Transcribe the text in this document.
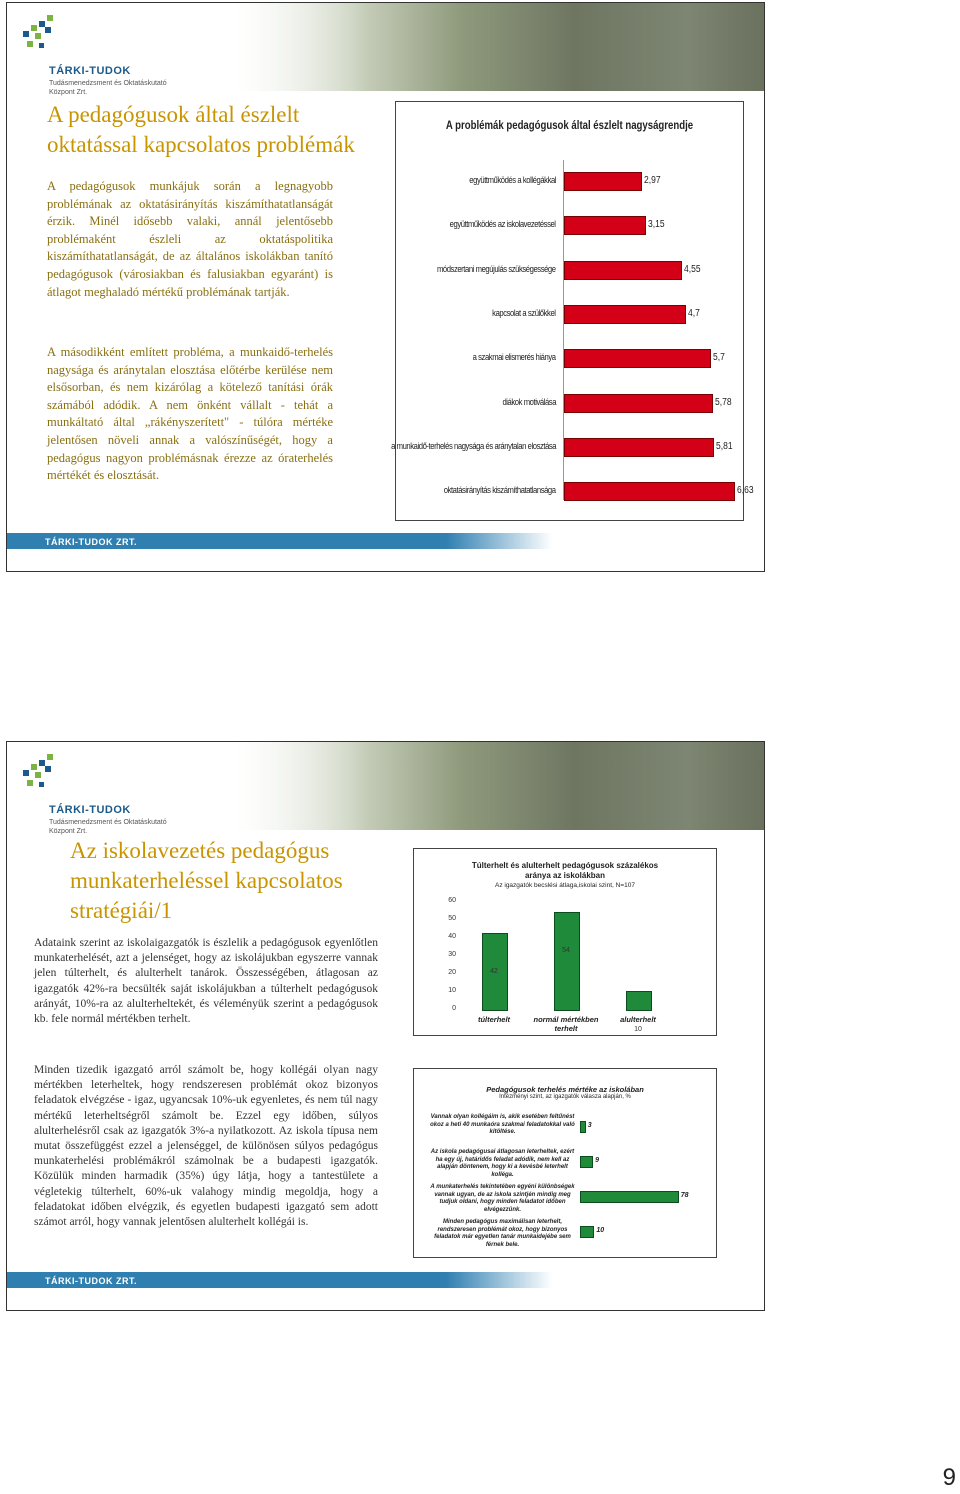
TÁRKI-TUDOK
Tudásmenedzsment és Oktatáskutató Központ Zrt.
A pedagógusok által észlelt oktatással kapcsolatos problémák
A pedagógusok munkájuk során a legnagyobb problémának az oktatásirányítás kiszámíthatatlanságát érzik. Minél idősebb valaki, annál jelentősebb problémaként észleli az oktatáspolitika kiszámíthatatlanságát, de az általános iskolákban tanító pedagógusok (városiakban és falusiakban egyaránt) is átlagot meghaladó mértékű problémának tartják.
A másodikként említett probléma, a munkaidő-terhelés nagysága és aránytalan elosztása előtérbe kerülése nem elsősorban, és nem kizárólag a kötelező tanítási órák számából adódik. A nem önként vállalt - tehát a munkáltató által „rákényszerített" - túlóra mértéke jelentősen növeli annak a valószínűségét, hogy a pedagógus nagyon problémásnak érezze az óraterhelés mértékét és elosztását.
A problémák pedagógusok által észlelt nagyságrendje
együttműködés a kollégákkal	2,97
együttműködés az iskolavezetéssel	3,15
módszertani megújulás szükségessége	4,55
kapcsolat a szülőkkel	4,7
a szakmai elismerés hiánya	5,7
diákok motiválása	5,78
a munkaidő-terhelés nagysága és aránytalan elosztása	5,81
oktatásirányítás kiszámíthatatlansága	6,63
TÁRKI-TUDOK ZRT.
TÁRKI-TUDOK
Tudásmenedzsment és Oktatáskutató Központ Zrt.
Az iskolavezetés pedagógus munkaterheléssel kapcsolatos stratégiái/1
Adataink szerint az iskolaigazgatók is észlelik a pedagógusok egyenlőtlen munkaterhelését, azt a jelenséget, hogy az iskolájukban egyszerre vannak jelen túlterhelt, és alulterhelt tanárok. Összességében, átlagosan az igazgatók 42%-ra becsülték saját iskolájukban a túlterhelt pedagógusok arányát, 10%-ra az alulterheltekét, és véleményük szerint a pedagógusok kb. fele normál mértékben terhelt.
Minden tizedik igazgató arról számolt be, hogy kollégái olyan nagy mértékben leterheltek, hogy rendszeresen problémát okoz bizonyos feladatok elvégzése - igaz, ugyancsak 10%-uk egyenletes, és nem túl nagy mértékű leterheltségről számolt be. Ezzel egy időben, súlyos alulterhelésről csak az igazgatók 3%-a nyilatkozott. Az iskola típusa nem mutat összefüggést ezzel a jelenséggel, de különösen súlyos pedagógus munkaterhelési problémákról számolnak be a budapesti igazgatók. Közülük minden harmadik (35%) úgy látja, hogy a tantestülete a végletekig túlterhelt, 60%-uk valahogy mindig megoldja, hogy a feladatokat időben elvégzik, és egyetlen budapesti igazgató sem adott számot arról, hogy vannak jelentősen alulterhelt kollégái is.
Túlterhelt és alulterhelt pedagógusok százalékos aránya az iskolákban
Az igazgatók becslési átlaga,iskolai szint, N=107
60
50
40
30
20
10
0
42
túlterhelt
54
normál mértékben terhelt	10
alulterhelt
Pedagógusok terhelés mértéke az iskolában
Intézményi szint, az igazgatók válasza alapján, %
Vannak olyan kollégáim is, akik esetében feltűnést okoz a heti 40 munkaóra szakmai feladatokkal való kitöltése.
3
Az iskola pedagógusai átlagosan leterheltek, ezért ha egy új, határidős feladat adódik, nem kell az alapján döntenem, hogy ki a kevésbé leterhelt kolléga.
9
A munkaterhelés tekintetében egyéni különbségek vannak ugyan, de az iskola szintjén mindig meg tudjuk oldani, hogy minden feladatot időben elvégezzünk.
78
Minden pedagógus maximálisan leterhelt, rendszeresen problémát okoz, hogy bizonyos feladatok már egyetlen tanár munkaidejébe sem férnek bele.
10
TÁRKI-TUDOK ZRT.
9
